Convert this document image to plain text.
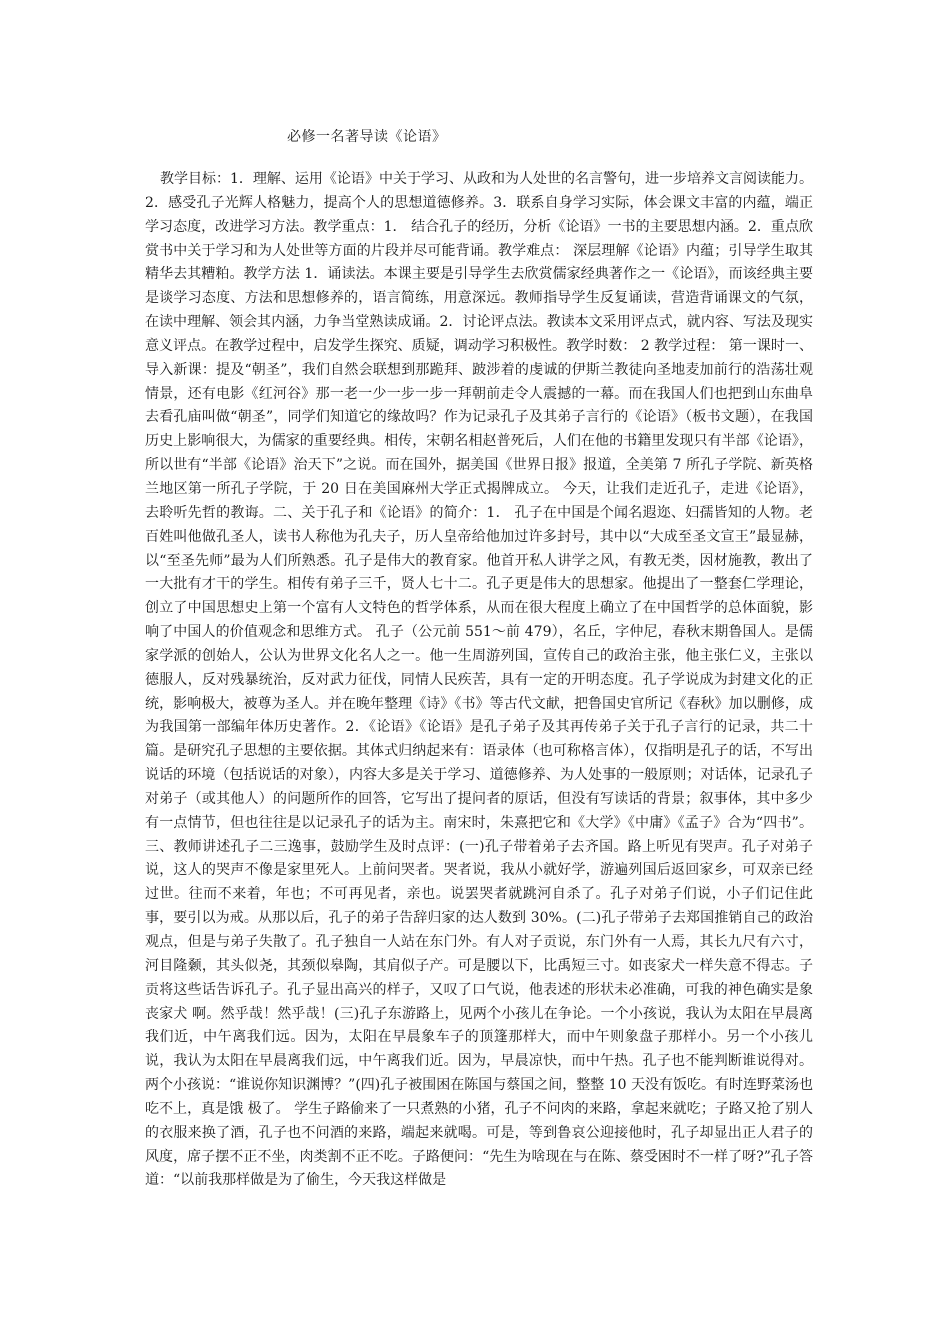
必修一名著导读《论语》

教学目标：1．理解、运用《论语》中关于学习、从政和为人处世的名言警句，进一步培养文言阅读能力。2．感受孔子光辉人格魅力，提高个人的思想道德修养。3．联系自身学习实际，体会课文丰富的内蕴，端正学习态度，改进学习方法。教学重点：1． 结合孔子的经历，分析《论语》一书的主要思想内涵。2．重点欣赏书中关于学习和为人处世等方面的片段并尽可能背诵。教学难点： 深层理解《论语》内蕴；引导学生取其精华去其糟粕。教学方法 1．诵读法。本课主要是引导学生去欣赏儒家经典著作之一《论语》，而该经典主要是谈学习态度、方法和思想修养的，语言简练，用意深远。教师指导学生反复诵读，营造背诵课文的气氛，在读中理解、领会其内涵，力争当堂熟读成诵。2．讨论评点法。教读本文采用评点式，就内容、写法及现实意义评点。在教学过程中，启发学生探究、质疑，调动学习积极性。教学时数： 2 教学过程： 第一课时一、导入新课：提及“朝圣”，我们自然会联想到那跪拜、跛涉着的虔诚的伊斯兰教徒向圣地麦加前行的浩荡壮观情景，还有电影《红河谷》那一老一少一步一步一拜朝前走令人震撼的一幕。而在我国人们也把到山东曲阜去看孔庙叫做“朝圣”，同学们知道它的缘故吗？作为记录孔子及其弟子言行的《论语》（板书文题），在我国历史上影响很大，为儒家的重要经典。相传，宋朝名相赵普死后，人们在他的书籍里发现只有半部《论语》，所以世有“半部《论语》治天下”之说。而在国外，据美国《世界日报》报道，全美第 7 所孔子学院、新英格兰地区第一所孔子学院，于 20 日在美国麻州大学正式揭牌成立。 今天，让我们走近孔子，走进《论语》，去聆听先哲的教诲。二、关于孔子和《论语》的简介：1． 孔子在中国是个闻名遐迩、妇孺皆知的人物。老百姓叫他做孔圣人，读书人称他为孔夫子，历人皇帝给他加过许多封号，其中以“大成至圣文宣王”最显赫，以“至圣先师”最为人们所熟悉。孔子是伟大的教育家。他首开私人讲学之风，有教无类，因材施教，教出了一大批有才干的学生。相传有弟子三千，贤人七十二。孔子更是伟大的思想家。他提出了一整套仁学理论，创立了中国思想史上第一个富有人文特色的哲学体系，从而在很大程度上确立了在中国哲学的总体面貌，影响了中国人的价值观念和思维方式。 孔子（公元前 551～前 479），名丘，字仲尼，春秋末期鲁国人。是儒家学派的创始人，公认为世界文化名人之一。他一生周游列国，宣传自己的政治主张，他主张仁义，主张以德服人，反对残暴统治，反对武力征伐，同情人民疾苦，具有一定的开明态度。孔子学说成为封建文化的正统，影响极大，被尊为圣人。并在晚年整理《诗》《书》等古代文献，把鲁国史官所记《春秋》加以删修，成为我国第一部编年体历史著作。2．《论语》《论语》是孔子弟子及其再传弟子关于孔子言行的记录，共二十篇。是研究孔子思想的主要依据。其体式归纳起来有：语录体（也可称格言体），仅指明是孔子的话，不写出说话的环境（包括说话的对象），内容大多是关于学习、道德修养、为人处事的一般原则；对话体，记录孔子对弟子（或其他人）的问题所作的回答，它写出了提问者的原话，但没有写读话的背景；叙事体，其中多少有一点情节，但也往往是以记录孔子的话为主。南宋时，朱熹把它和《大学》《中庸》《孟子》合为“四书”。三、教师讲述孔子二三逸事，鼓励学生及时点评：(一)孔子带着弟子去齐国。路上听见有哭声。孔子对弟子说，这人的哭声不像是家里死人。上前问哭者。哭者说，我从小就好学，游遍列国后返回家乡，可双亲已经过世。往而不来着，年也；不可再见者，亲也。说罢哭者就跳河自杀了。孔子对弟子们说，小子们记住此事，要引以为戒。从那以后，孔子的弟子告辞归家的达人数到 30%。(二)孔子带弟子去郑国推销自己的政治观点，但是与弟子失散了。孔子独自一人站在东门外。有人对子贡说，东门外有一人焉，其长九尺有六寸，河目隆颡，其头似尧，其颈似皋陶，其肩似子产。可是腰以下，比禹短三寸。如丧家犬一样失意不得志。子贡将这些话告诉孔子。孔子显出高兴的样子，又叹了口气说，他表述的形状未必准确，可我的神色确实是象丧家犬 啊。然乎哉！然乎哉！(三)孔子东游路上，见两个小孩儿在争论。一个小孩说，我认为太阳在早晨离我们近，中午离我们远。因为，太阳在早晨象车子的顶篷那样大，而中午则象盘子那样小。另一个小孩儿说，我认为太阳在早晨离我们远，中午离我们近。因为，早晨凉快，而中午热。孔子也不能判断谁说得对。两个小孩说：“谁说你知识渊博？”(四)孔子被围困在陈国与蔡国之间，整整 10 天没有饭吃。有时连野菜汤也吃不上，真是饿 极了。 学生子路偷来了一只煮熟的小猪，孔子不问肉的来路，拿起来就吃；子路又抢了别人的衣服来换了酒，孔子也不问酒的来路，端起来就喝。可是，等到鲁哀公迎接他时，孔子却显出正人君子的风度，席子摆不正不坐，肉类割不正不吃。子路便问：“先生为啥现在与在陈、蔡受困时不一样了呀?”孔子答道：“以前我那样做是为了偷生，今天我这样做是
